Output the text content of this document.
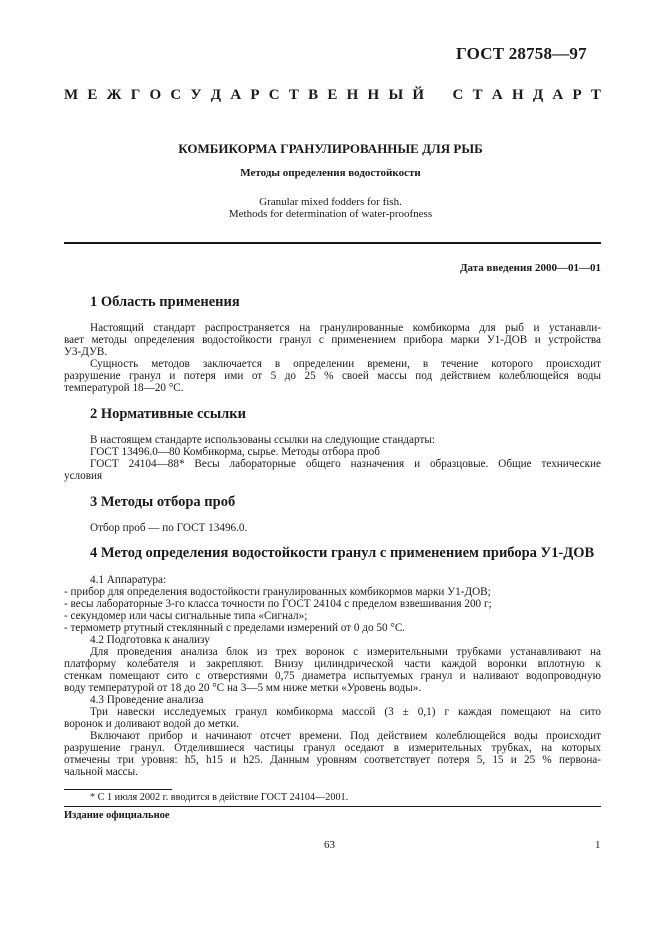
ГОСТ 28758—97
М Е Ж Г О С У Д А Р С Т В Е Н Н Ы Й С Т А Н Д А Р Т
КОМБИКОРМА ГРАНУЛИРОВАННЫЕ ДЛЯ РЫБ
Методы определения водостойкости
Granular mixed fodders for fish.
Methods for determination of water-proofness
Дата введения 2000—01—01
1 Область применения
Настоящий стандарт распространяется на гранулированные комбикорма для рыб и устанавли-
вает методы определения водостойкости гранул с применением прибора марки У1-ДОВ и устройства
У3-ДУВ.
Сущность методов заключается в определении времени, в течение которого происходит
разрушение гранул и потеря ими от 5 до 25 % своей массы под действием колеблющейся воды
температурой 18—20 °С.
2 Нормативные ссылки
В настоящем стандарте использованы ссылки на следующие стандарты:
ГОСТ 13496.0—80 Комбикорма, сырье. Методы отбора проб
ГОСТ 24104—88* Весы лабораторные общего назначения и образцовые. Общие технические
условия
3 Методы отбора проб
Отбор проб — по ГОСТ 13496.0.
4 Метод определения водостойкости гранул с применением прибора У1-ДОВ
4.1 Аппаратура:
- прибор для определения водостойкости гранулированных комбикормов марки У1-ДОВ;
- весы лабораторные 3-го класса точности по ГОСТ 24104 с пределом взвешивания 200 г;
- секундомер или часы сигнальные типа «Сигнал»;
- термометр ртутный стеклянный с пределами измерений от 0 до 50 °С.
4.2 Подготовка к анализу
Для проведения анализа блок из трех воронок с измерительными трубками устанавливают на
платформу колебателя и закрепляют. Внизу цилиндрической части каждой воронки вплотную к
стенкам помещают сито с отверстиями 0,75 диаметра испытуемых гранул и наливают водопроводную
воду температурой от 18 до 20 °С на 3—5 мм ниже метки «Уровень воды».
4.3 Проведение анализа
Три навески исследуемых гранул комбикорма массой (3 ± 0,1) г каждая помещают на сито
воронок и доливают водой до метки.
Включают прибор и начинают отсчет времени. Под действием колеблющейся воды происходит
разрушение гранул. Отделившиеся частицы гранул оседают в измерительных трубках, на которых
отмечены три уровня: h5, h15 и h25. Данным уровням соответствует потеря 5, 15 и 25 % первона-
чальной массы.
* С 1 июля 2002 г. вводится в действие ГОСТ 24104—2001.
Издание официальное
63	1
